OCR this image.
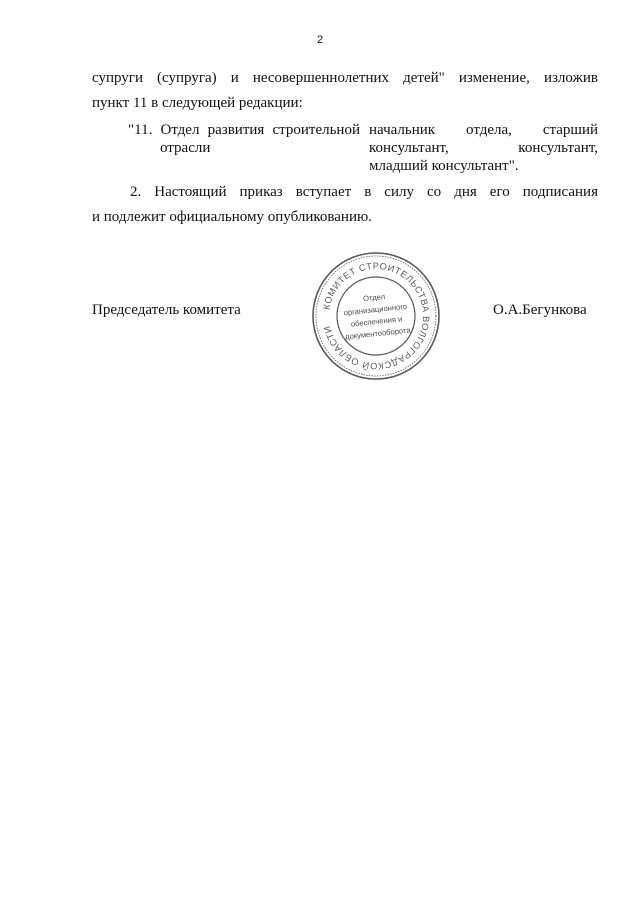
2
супруги (супруга) и несовершеннолетних детей" изменение, изложив
пункт 11 в следующей редакции:
"11. Отдел развития строительной
отрасли
начальник отдела, старший
консультант, консультант,
младший консультант".
2. Настоящий приказ вступает в силу со дня его подписания
и подлежит официальному опубликованию.
Председатель комитета	О.А.Бегункова
КОМИТЕТ СТРОИТЕЛЬСТВА ВОЛГОГРАДСКОЙ ОБЛАСТИ
Отдел
организационного
обеспечения и
документооборота
